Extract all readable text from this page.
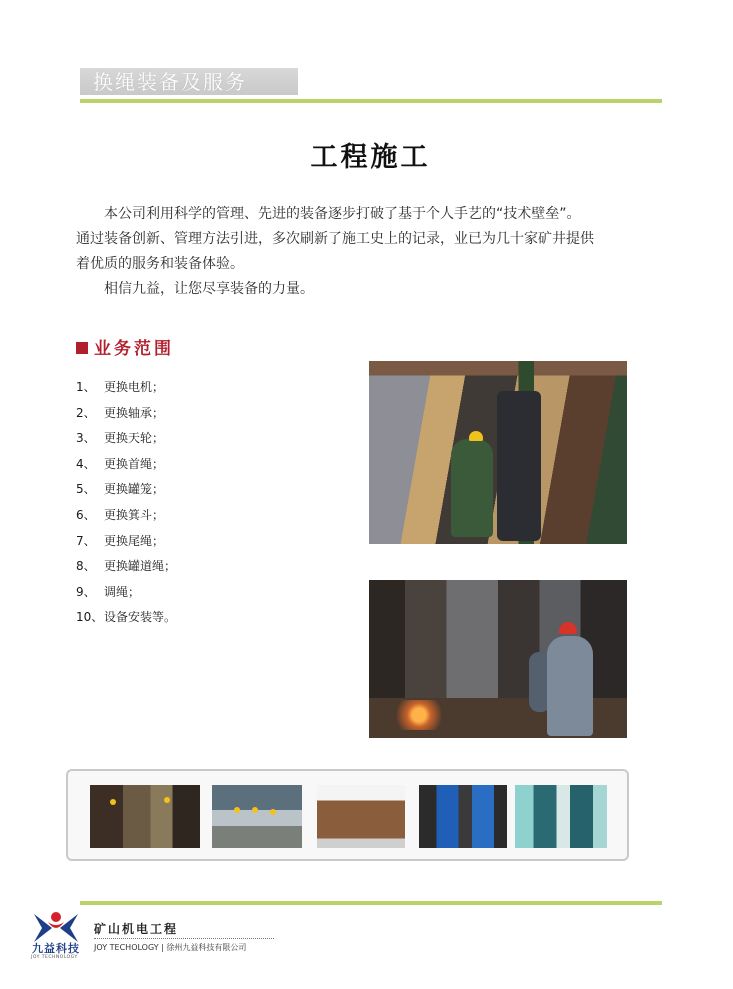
换绳装备及服务
工程施工

本公司利用科学的管理、先进的装备逐步打破了基于个人手艺的“技术壁垒”。

通过装备创新、管理方法引进，多次刷新了施工史上的记录，业已为几十家矿井提供

着优质的服务和装备体验。

相信九益，让您尽享装备的力量。

业务范围
1、 更换电机；
2、 更换轴承；
3、 更换天轮；
4、 更换首绳；
5、 更换罐笼；
6、 更换箕斗；
7、 更换尾绳；
8、 更换罐道绳；
9、 调绳；
10、设备安装等。
九益科技
JOY TECHNOLOGY
矿山机电工程
JOY TECHOLOGY | 徐州九益科技有限公司
